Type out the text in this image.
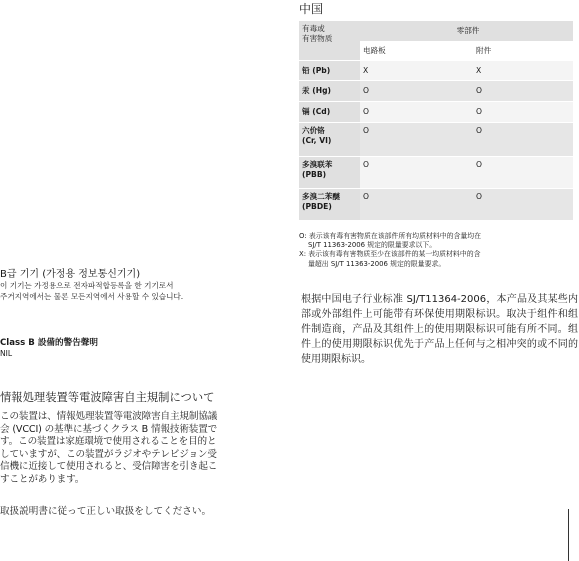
B급 기기 (가정용 정보통신기기)
이 기기는 가정용으로 전자파적합등록을 한 기기로서
주거지역에서는 물론 모든지역에서 사용할 수 있습니다.
Class B 設備的警告聲明
NIL
情報処理装置等電波障害自主規制について

この装置は、情報処理装置等電波障害自主規制協議

会 (VCCI) の基準に基づくクラス B 情報技術装置で

す。この装置は家庭環境で使用されることを目的と

していますが、この装置がラジオやテレビジョン受

信機に近接して使用されると、受信障害を引き起こ

すことがあります。

取扱説明書に従って正しい取扱をしてください。
中国
有毒或
有害物质	零部件	
	电路板	附件

铅 (Pb)	X	X

汞 (Hg)	O	O

镉 (Cd)	O	O

六价铬
(Cr, VI)	O	O

多溴联苯
(PBB)	O	O

多溴二苯醚
(PBDE)	O	O

O: 表示该有毒有害物质在该部件所有均质材料中的含量均在
SJ/T 11363-2006 规定的限量要求以下。

X: 表示该有毒有害物质至少在该部件的某一均质材料中的含
量超出 SJ/T 11363-2006 规定的限量要求。

根据中国电子行业标准 SJ/T11364-2006，本产品及其某些内部或外部组件上可能带有环保使用期限标识。取决于组件和组件制造商，产品及其组件上的使用期限标识可能有所不同。组件上的使用期限标识优先于产品上任何与之相冲突的或不同的使用期限标识。
